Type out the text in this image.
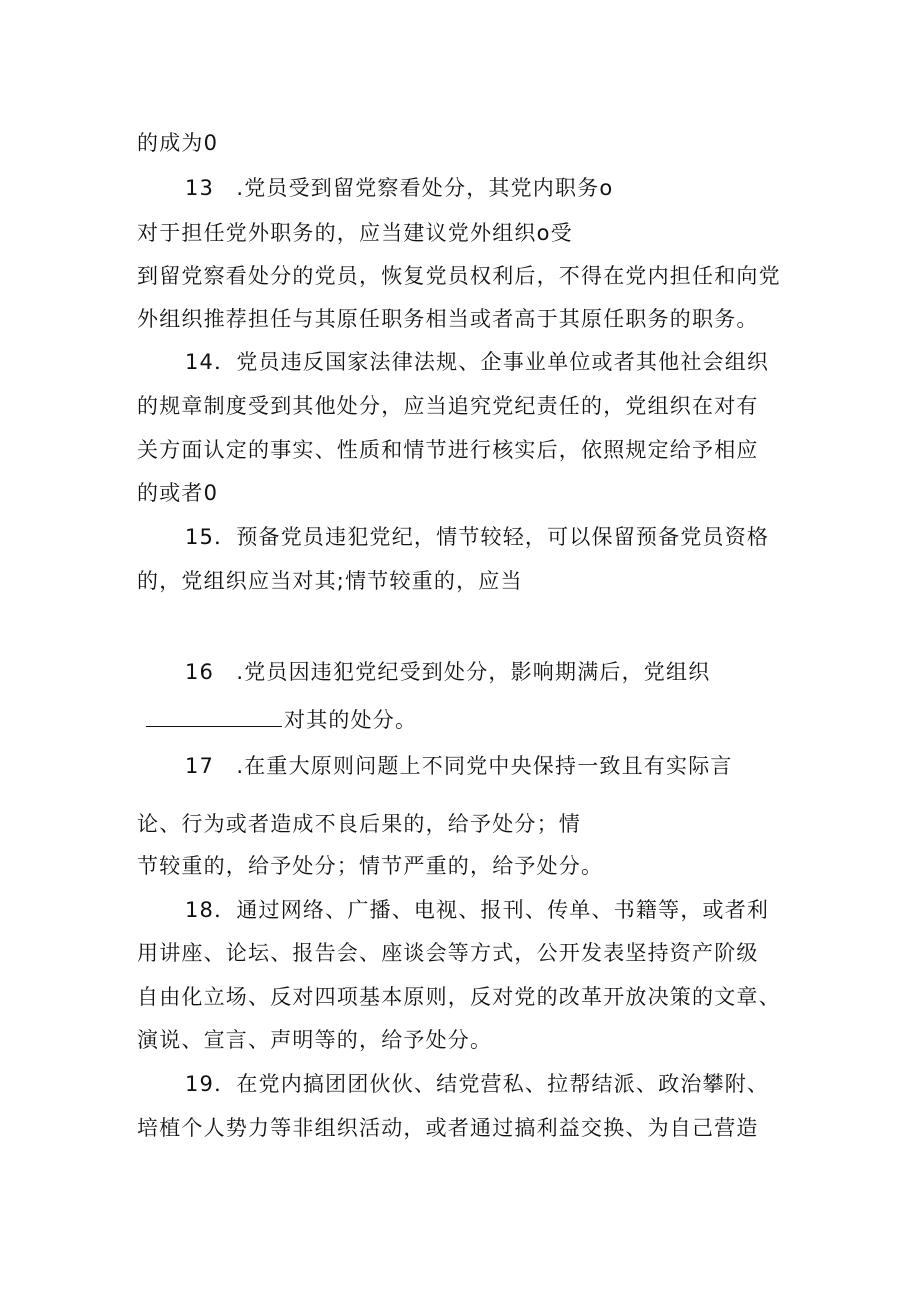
的成为0
13　.党员受到留党察看处分，其党内职务o
对于担任党外职务的，应当建议党外组织o受
到留党察看处分的党员，恢复党员权利后，不得在党内担任和向党
外组织推荐担任与其原任职务相当或者高于其原任职务的职务。
14．党员违反国家法律法规、企事业单位或者其他社会组织
的规章制度受到其他处分，应当追究党纪责任的，党组织在对有
关方面认定的事实、性质和情节进行核实后，依照规定给予相应
的或者0
15．预备党员违犯党纪，情节较轻，可以保留预备党员资格
的，党组织应当对其;情节较重的，应当
16　.党员因违犯党纪受到处分，影响期满后，党组织
对其的处分。
17　.在重大原则问题上不同党中央保持一致且有实际言
论、行为或者造成不良后果的，给予处分；情
节较重的，给予处分；情节严重的，给予处分。
18．通过网络、广播、电视、报刊、传单、书籍等，或者利
用讲座、论坛、报告会、座谈会等方式，公开发表坚持资产阶级
自由化立场、反对四项基本原则，反对党的改革开放决策的文章、
演说、宣言、声明等的，给予处分。
19．在党内搞团团伙伙、结党营私、拉帮结派、政治攀附、
培植个人势力等非组织活动，或者通过搞利益交换、为自己营造
